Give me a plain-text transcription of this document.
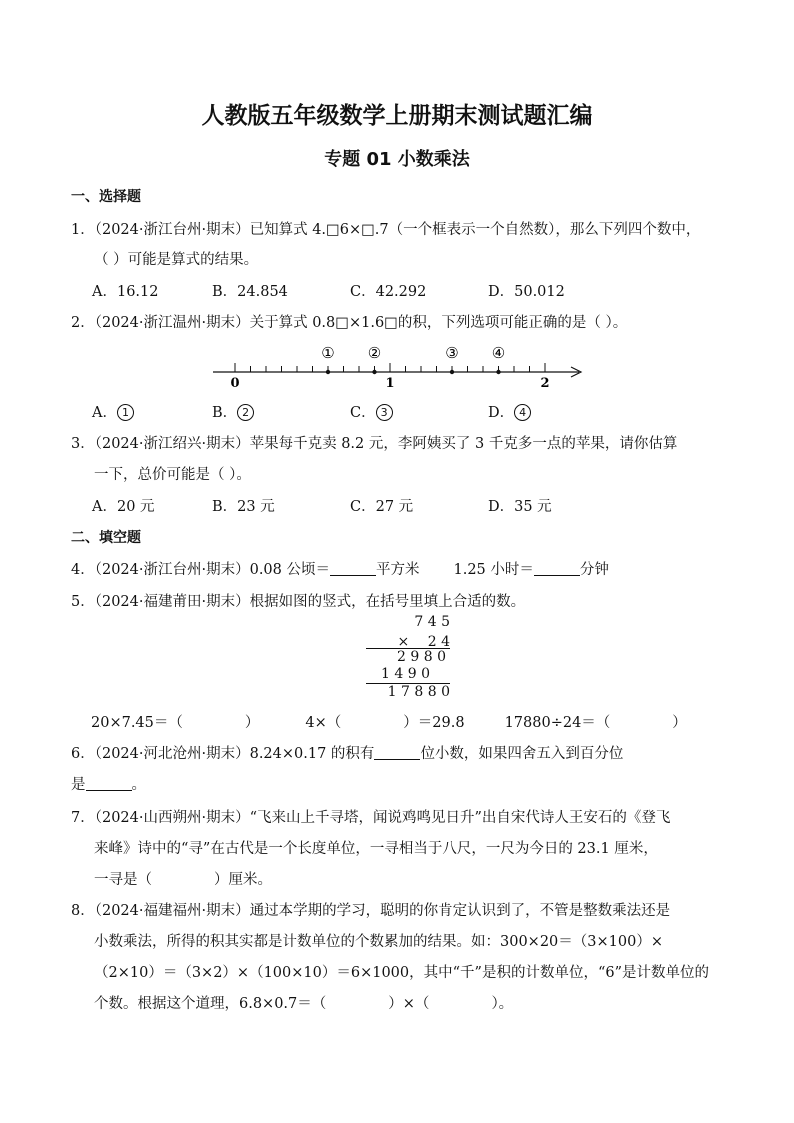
人教版五年级数学上册期末测试题汇编
专题 01 小数乘法
一、选择题
1．（2024·浙江台州·期末）已知算式 4.□6×□.7（一个框表示一个自然数），那么下列四个数中，
（ ）可能是算式的结果。
A．16.12	B．24.854	C．42.292	D．50.012
2．（2024·浙江温州·期末）关于算式 0.8□×1.6□的积，下列选项可能正确的是（ ）。
0	1	2
① ②	③ ④
A． 1	B． 2	C． 3	D． 4
3．（2024·浙江绍兴·期末）苹果每千克卖 8.2 元，李阿姨买了 3 千克多一点的苹果，请你估算
一下，总价可能是（ ）。
A．20 元	B．23 元	C．27 元	D．35 元
二、填空题
4．（2024·浙江台州·期末）0.08 公顷＝	平方米 1.25 小时＝	分钟
5．（2024·福建莆田·期末）根据如图的竖式，在括号里填上合适的数。
7 4 5
× 　2 4
2 9 8 0
1 4 9 0
1 7 8 8 0
20×7.45＝（	）	4×（	）＝29.8	17880÷24＝（	）
6．（2024·河北沧州·期末）8.24×0.17 的积有	位小数，如果四舍五入到百分位
是	。
7．（2024·山西朔州·期末）“飞来山上千寻塔，闻说鸡鸣见日升”出自宋代诗人王安石的《登飞
来峰》诗中的“寻”在古代是一个长度单位，一寻相当于八尺，一尺为今日的 23.1 厘米，
一寻是（	）厘米。
8．（2024·福建福州·期末）通过本学期的学习，聪明的你肯定认识到了，不管是整数乘法还是
小数乘法，所得的积其实都是计数单位的个数累加的结果。如：300×20＝（3×100）×
（2×10）＝（3×2）×（100×10）＝6×1000，其中“千”是积的计数单位，“6”是计数单位的
个数。根据这个道理，6.8×0.7＝（	）×（	）。
